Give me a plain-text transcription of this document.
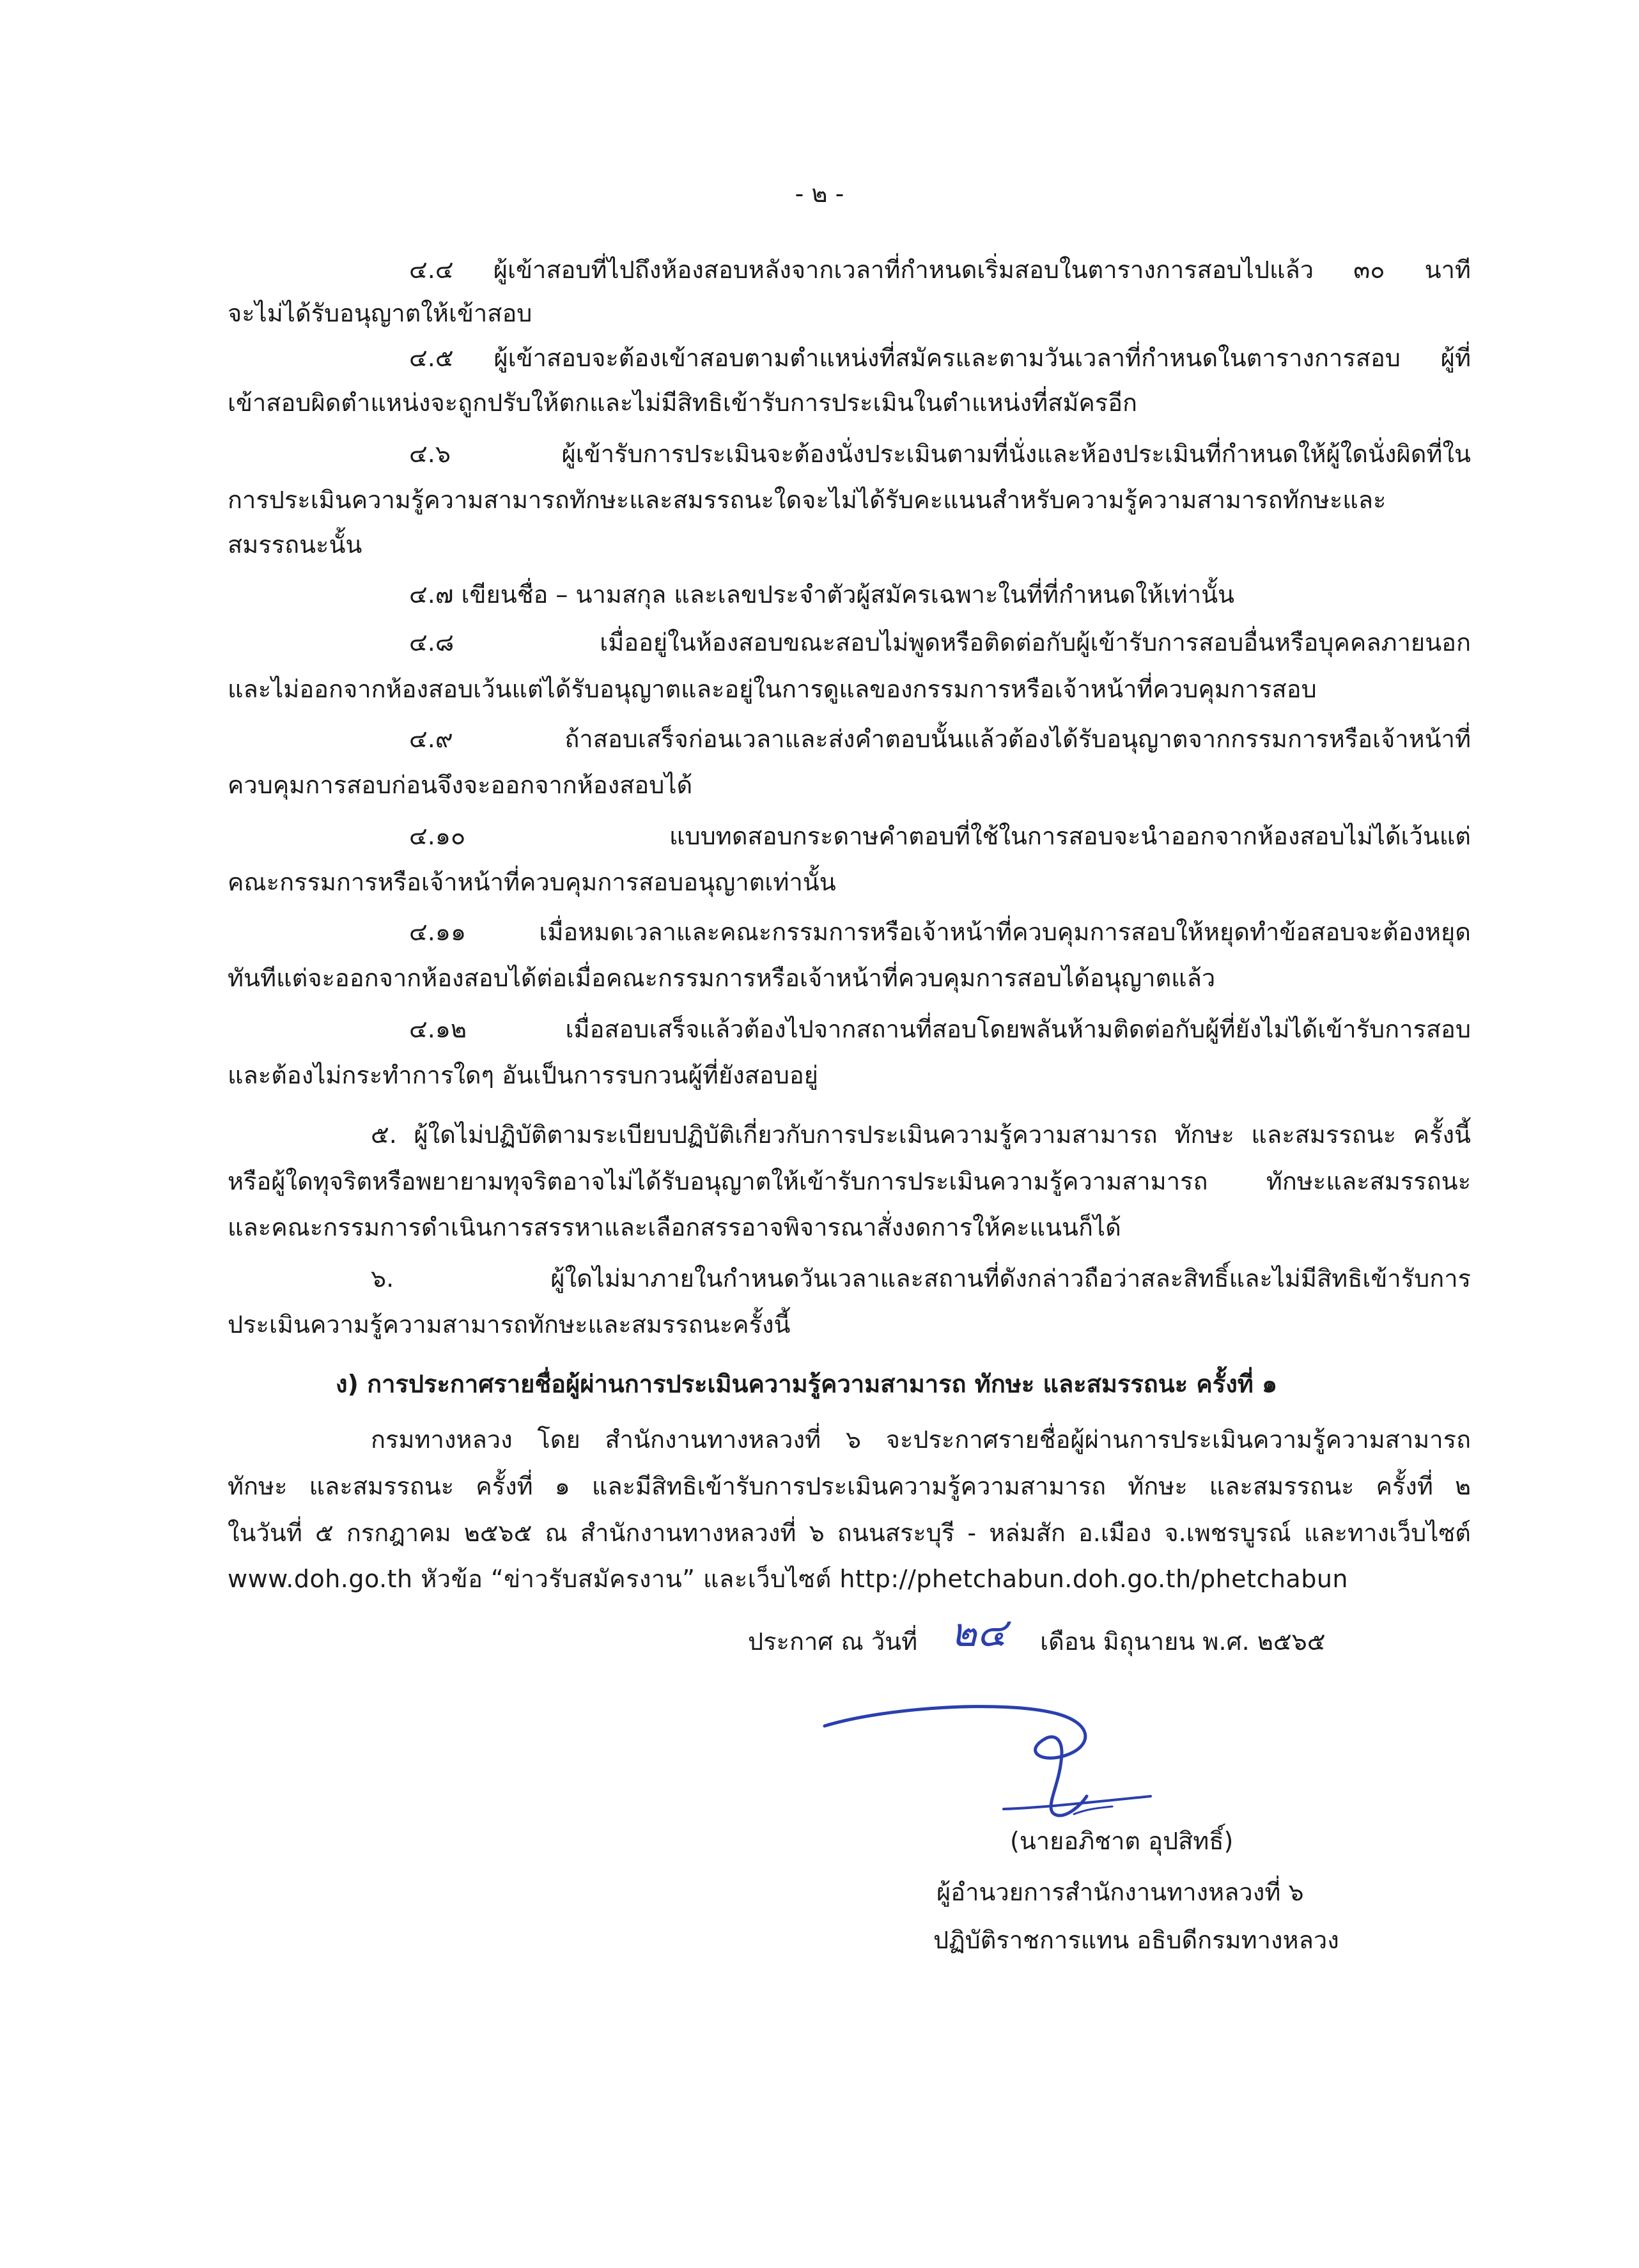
- ๒ -
๔.๔ ผู้เข้าสอบที่ไปถึงห้องสอบหลังจากเวลาที่กำหนดเริ่มสอบในตารางการสอบไปแล้ว ๓๐ นาที
จะไม่ได้รับอนุญาตให้เข้าสอบ
๔.๕ ผู้เข้าสอบจะต้องเข้าสอบตามตำแหน่งที่สมัครและตามวันเวลาที่กำหนดในตารางการสอบ ผู้ที่
เข้าสอบผิดตำแหน่งจะถูกปรับให้ตกและไม่มีสิทธิเข้ารับการประเมินในตำแหน่งที่สมัครอีก
๔.๖ ผู้เข้ารับการประเมินจะต้องนั่งประเมินตามที่นั่งและห้องประเมินที่กำหนดให้ผู้ใดนั่งผิดที่ใน
การประเมินความรู้ความสามารถทักษะและสมรรถนะใดจะไม่ได้รับคะแนนสำหรับความรู้ความสามารถทักษะและ
สมรรถนะนั้น
๔.๗ เขียนชื่อ – นามสกุล และเลขประจำตัวผู้สมัครเฉพาะในที่ที่กำหนดให้เท่านั้น
๔.๘ เมื่ออยู่ในห้องสอบขณะสอบไม่พูดหรือติดต่อกับผู้เข้ารับการสอบอื่นหรือบุคคลภายนอก
และไม่ออกจากห้องสอบเว้นแต่ได้รับอนุญาตและอยู่ในการดูแลของกรรมการหรือเจ้าหน้าที่ควบคุมการสอบ
๔.๙ ถ้าสอบเสร็จก่อนเวลาและส่งคำตอบนั้นแล้วต้องได้รับอนุญาตจากกรรมการหรือเจ้าหน้าที่
ควบคุมการสอบก่อนจึงจะออกจากห้องสอบได้
๔.๑๐ แบบทดสอบกระดาษคำตอบที่ใช้ในการสอบจะนำออกจากห้องสอบไม่ได้เว้นแต่
คณะกรรมการหรือเจ้าหน้าที่ควบคุมการสอบอนุญาตเท่านั้น
๔.๑๑ เมื่อหมดเวลาและคณะกรรมการหรือเจ้าหน้าที่ควบคุมการสอบให้หยุดทำข้อสอบจะต้องหยุด
ทันทีแต่จะออกจากห้องสอบได้ต่อเมื่อคณะกรรมการหรือเจ้าหน้าที่ควบคุมการสอบได้อนุญาตแล้ว
๔.๑๒ เมื่อสอบเสร็จแล้วต้องไปจากสถานที่สอบโดยพลันห้ามติดต่อกับผู้ที่ยังไม่ได้เข้ารับการสอบ
และต้องไม่กระทำการใดๆ อันเป็นการรบกวนผู้ที่ยังสอบอยู่
๕. ผู้ใดไม่ปฏิบัติตามระเบียบปฏิบัติเกี่ยวกับการประเมินความรู้ความสามารถ ทักษะ และสมรรถนะ ครั้งนี้
หรือผู้ใดทุจริตหรือพยายามทุจริตอาจไม่ได้รับอนุญาตให้เข้ารับการประเมินความรู้ความสามารถ ทักษะและสมรรถนะ
และคณะกรรมการดำเนินการสรรหาและเลือกสรรอาจพิจารณาสั่งงดการให้คะแนนก็ได้
๖. ผู้ใดไม่มาภายในกำหนดวันเวลาและสถานที่ดังกล่าวถือว่าสละสิทธิ์และไม่มีสิทธิเข้ารับการ
ประเมินความรู้ความสามารถทักษะและสมรรถนะครั้งนี้
ง) การประกาศรายชื่อผู้ผ่านการประเมินความรู้ความสามารถ ทักษะ และสมรรถนะ ครั้งที่ ๑
กรมทางหลวง โดย สำนักงานทางหลวงที่ ๖ จะประกาศรายชื่อผู้ผ่านการประเมินความรู้ความสามารถ
ทักษะ และสมรรถนะ ครั้งที่ ๑ และมีสิทธิเข้ารับการประเมินความรู้ความสามารถ ทักษะ และสมรรถนะ ครั้งที่ ๒
ในวันที่ ๕ กรกฎาคม ๒๕๖๕ ณ สำนักงานทางหลวงที่ ๖ ถนนสระบุรี - หล่มสัก อ.เมือง จ.เพชรบูรณ์ และทางเว็บไซต์
www.doh.go.th หัวข้อ “ข่าวรับสมัครงาน” และเว็บไซต์ http://phetchabun.doh.go.th/phetchabun
ประกาศ ณ วันที่ ๒๔ เดือน มิถุนายน พ.ศ. ๒๕๖๕
(นายอภิชาต อุปสิทธิ์)
ผู้อำนวยการสำนักงานทางหลวงที่ ๖
ปฏิบัติราชการแทน อธิบดีกรมทางหลวง
